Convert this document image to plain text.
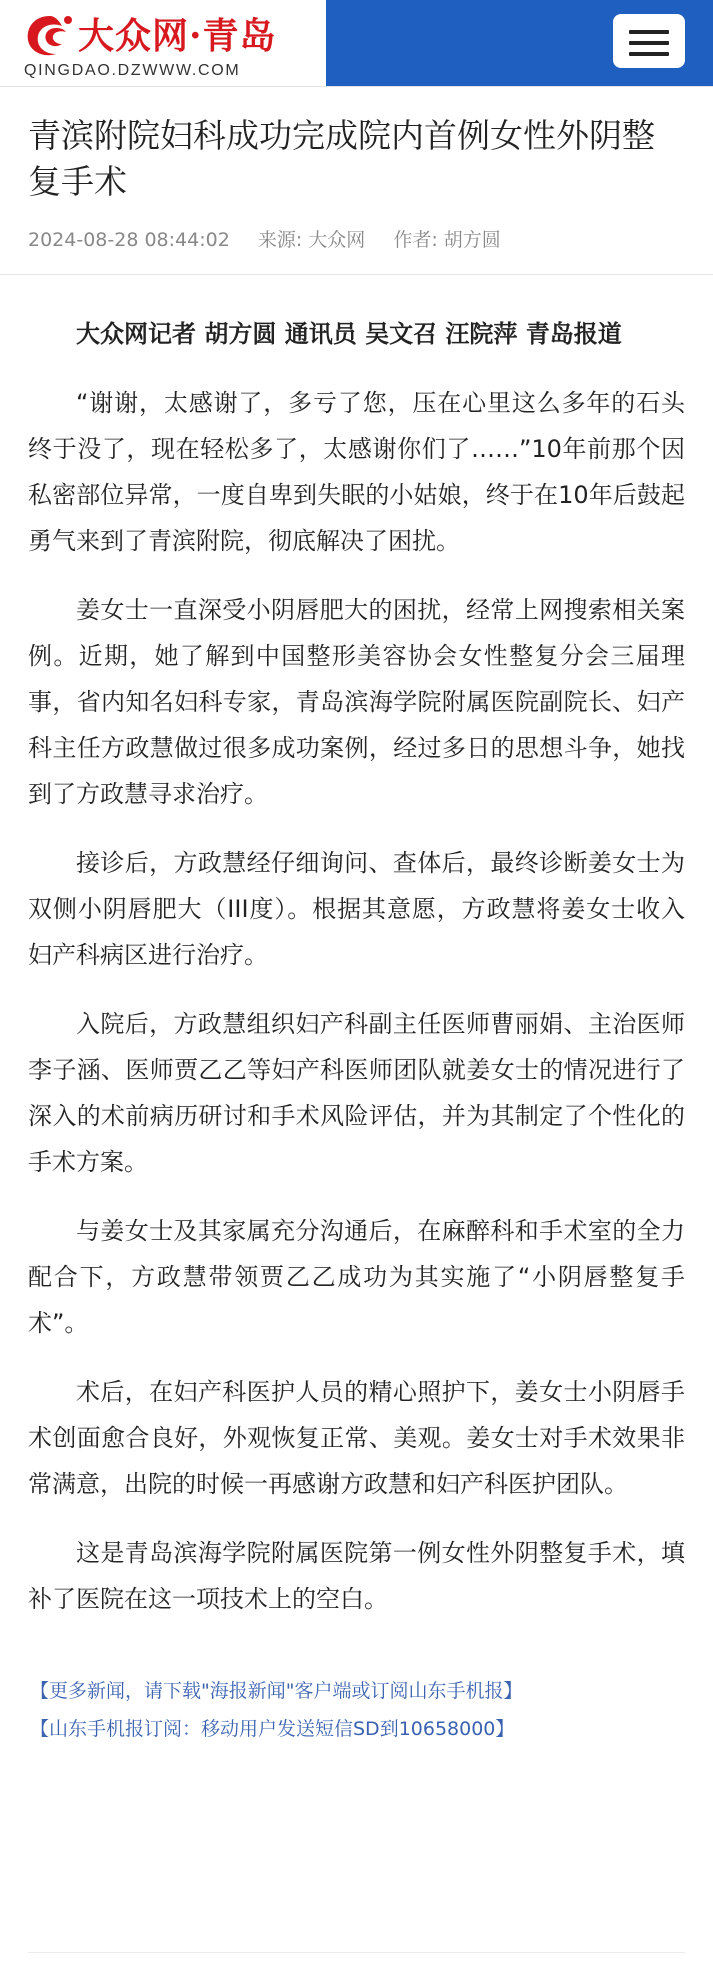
大众网·青岛
QINGDAO.DZWWW.COM
青滨附院妇科成功完成院内首例女性外阴整复手术
2024-08-28 08:44:02 来源: 大众网 作者: 胡方圆

大众网记者 胡方圆 通讯员 吴文召 汪院萍 青岛报道

“谢谢，太感谢了，多亏了您，压在心里这么多年的石头终于没了，现在轻松多了，太感谢你们了……”10年前那个因私密部位异常，一度自卑到失眠的小姑娘，终于在10年后鼓起勇气来到了青滨附院，彻底解决了困扰。

姜女士一直深受小阴唇肥大的困扰，经常上网搜索相关案例。近期，她了解到中国整形美容协会女性整复分会三届理事，省内知名妇科专家，青岛滨海学院附属医院副院长、妇产科主任方政慧做过很多成功案例，经过多日的思想斗争，她找到了方政慧寻求治疗。

接诊后，方政慧经仔细询问、查体后，最终诊断姜女士为双侧小阴唇肥大（III度）。根据其意愿，方政慧将姜女士收入妇产科病区进行治疗。

入院后，方政慧组织妇产科副主任医师曹丽娟、主治医师李子涵、医师贾乙乙等妇产科医师团队就姜女士的情况进行了深入的术前病历研讨和手术风险评估，并为其制定了个性化的手术方案。

与姜女士及其家属充分沟通后，在麻醉科和手术室的全力配合下，方政慧带领贾乙乙成功为其实施了“小阴唇整复手术”。

术后，在妇产科医护人员的精心照护下，姜女士小阴唇手术创面愈合良好，外观恢复正常、美观。姜女士对手术效果非常满意，出院的时候一再感谢方政慧和妇产科医护团队。

这是青岛滨海学院附属医院第一例女性外阴整复手术，填补了医院在这一项技术上的空白。

【更多新闻，请下载"海报新闻"客户端或订阅山东手机报】
【山东手机报订阅：移动用户发送短信SD到10658000】
